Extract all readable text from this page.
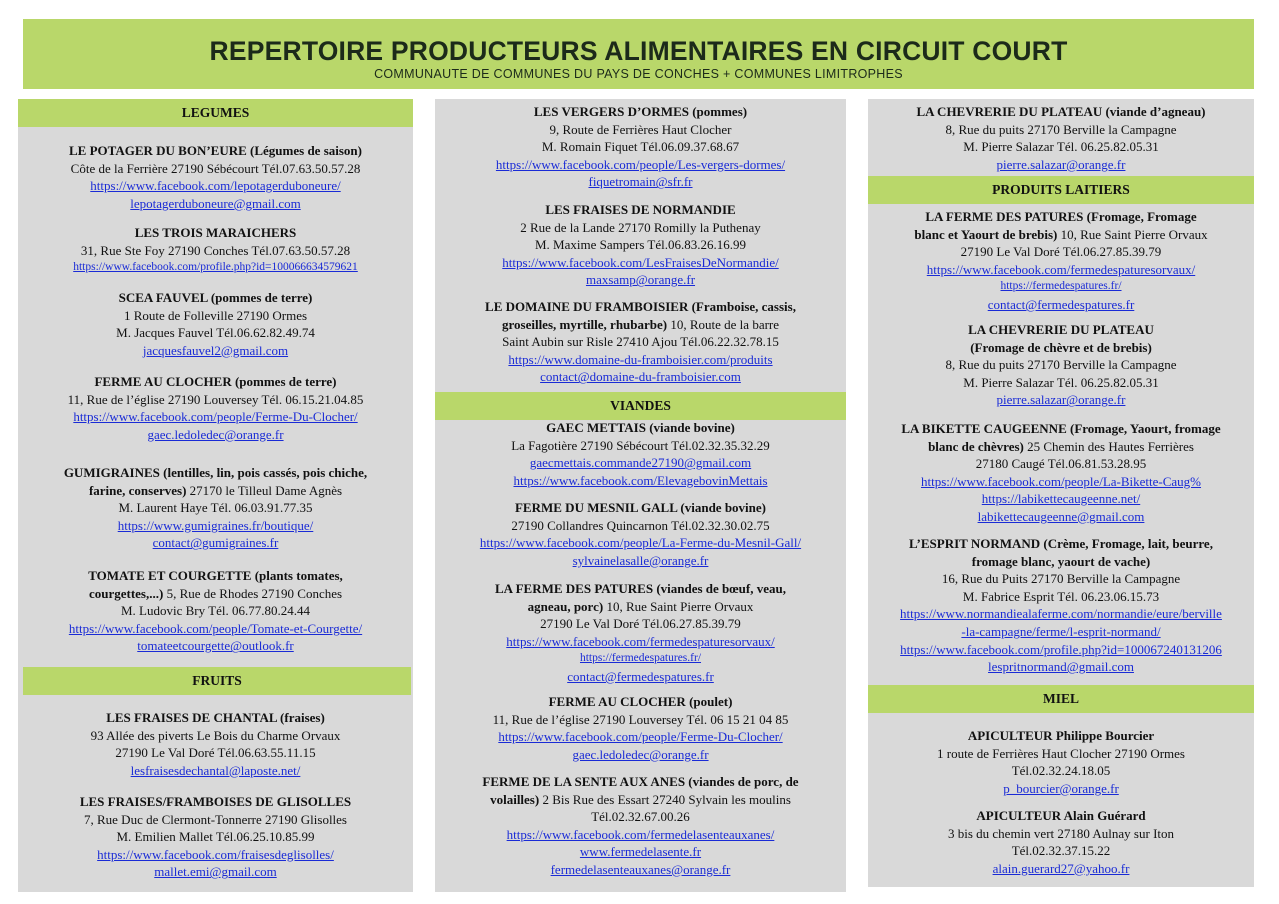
REPERTOIRE PRODUCTEURS ALIMENTAIRES EN CIRCUIT COURT
COMMUNAUTE DE COMMUNES DU PAYS DE CONCHES + COMMUNES LIMITROPHES
LEGUMES
LE POTAGER DU BON’EURE (Légumes de saison)
Côte de la Ferrière 27190 Sébécourt Tél.07.63.50.57.28
https://www.facebook.com/lepotagerduboneure/
lepotagerduboneure@gmail.com
LES TROIS MARAICHERS
31, Rue Ste Foy 27190 Conches Tél.07.63.50.57.28
https://www.facebook.com/profile.php?id=100066634579621
SCEA FAUVEL (pommes de terre)
1 Route de Folleville 27190 Ormes
M. Jacques Fauvel Tél.06.62.82.49.74
jacquesfauvel2@gmail.com
FERME AU CLOCHER (pommes de terre)
11, Rue de l’église 27190 Louversey Tél. 06.15.21.04.85
https://www.facebook.com/people/Ferme-Du-Clocher/
gaec.ledoledec@orange.fr
GUMIGRAINES (lentilles, lin, pois cassés, pois chiche,
farine, conserves) 27170 le Tilleul Dame Agnès
M. Laurent Haye Tél. 06.03.91.77.35
https://www.gumigraines.fr/boutique/
contact@gumigraines.fr
TOMATE ET COURGETTE (plants tomates,
courgettes,...) 5, Rue de Rhodes 27190 Conches
M. Ludovic Bry Tél. 06.77.80.24.44
https://www.facebook.com/people/Tomate-et-Courgette/
tomateetcourgette@outlook.fr
FRUITS
LES FRAISES DE CHANTAL (fraises)
93 Allée des piverts Le Bois du Charme Orvaux
27190 Le Val Doré Tél.06.63.55.11.15
lesfraisesdechantal@laposte.net/
LES FRAISES/FRAMBOISES DE GLISOLLES
7, Rue Duc de Clermont-Tonnerre 27190 Glisolles
M. Emilien Mallet Tél.06.25.10.85.99
https://www.facebook.com/fraisesdeglisolles/
mallet.emi@gmail.com
LES VERGERS D’ORMES (pommes)
9, Route de Ferrières Haut Clocher
M. Romain Fiquet Tél.06.09.37.68.67
https://www.facebook.com/people/Les-vergers-dormes/
fiquetromain@sfr.fr
LES FRAISES DE NORMANDIE
2 Rue de la Lande 27170 Romilly la Puthenay
M. Maxime Sampers Tél.06.83.26.16.99
https://www.facebook.com/LesFraisesDeNormandie/
maxsamp@orange.fr
LE DOMAINE DU FRAMBOISIER (Framboise, cassis,
groseilles, myrtille, rhubarbe) 10, Route de la barre
Saint Aubin sur Risle 27410 Ajou Tél.06.22.32.78.15
https://www.domaine-du-framboisier.com/produits
contact@domaine-du-framboisier.com
VIANDES
GAEC METTAIS (viande bovine)
La Fagotière 27190 Sébécourt Tél.02.32.35.32.29
gaecmettais.commande27190@gmail.com
https://www.facebook.com/ElevagebovinMettais
FERME DU MESNIL GALL (viande bovine)
27190 Collandres Quincarnon Tél.02.32.30.02.75
https://www.facebook.com/people/La-Ferme-du-Mesnil-Gall/
sylvainelasalle@orange.fr
LA FERME DES PATURES (viandes de bœuf, veau,
agneau, porc) 10, Rue Saint Pierre Orvaux
27190 Le Val Doré Tél.06.27.85.39.79
https://www.facebook.com/fermedespaturesorvaux/
https://fermedespatures.fr/
contact@fermedespatures.fr
FERME AU CLOCHER (poulet)
11, Rue de l’église 27190 Louversey Tél. 06 15 21 04 85
https://www.facebook.com/people/Ferme-Du-Clocher/
gaec.ledoledec@orange.fr
FERME DE LA SENTE AUX ANES (viandes de porc, de
volailles) 2 Bis Rue des Essart 27240 Sylvain les moulins
Tél.02.32.67.00.26
https://www.facebook.com/fermedelasenteauxanes/
www.fermedelasente.fr
fermedelasenteauxanes@orange.fr
LA CHEVRERIE DU PLATEAU (viande d’agneau)
8, Rue du puits 27170 Berville la Campagne
M. Pierre Salazar Tél. 06.25.82.05.31
pierre.salazar@orange.fr
PRODUITS LAITIERS
LA FERME DES PATURES (Fromage, Fromage
blanc et Yaourt de brebis) 10, Rue Saint Pierre Orvaux
27190 Le Val Doré Tél.06.27.85.39.79
https://www.facebook.com/fermedespaturesorvaux/
https://fermedespatures.fr/
contact@fermedespatures.fr
LA CHEVRERIE DU PLATEAU
(Fromage de chèvre et de brebis)
8, Rue du puits 27170 Berville la Campagne
M. Pierre Salazar Tél. 06.25.82.05.31
pierre.salazar@orange.fr
LA BIKETTE CAUGEENNE (Fromage, Yaourt, fromage
blanc de chèvres) 25 Chemin des Hautes Ferrières
27180 Caugé Tél.06.81.53.28.95
https://www.facebook.com/people/La-Bikette-Caug%
https://labikettecaugeenne.net/
labikettecaugeenne@gmail.com
L’ESPRIT NORMAND (Crème, Fromage, lait, beurre,
fromage blanc, yaourt de vache)
16, Rue du Puits 27170 Berville la Campagne
M. Fabrice Esprit Tél. 06.23.06.15.73
https://www.normandiealaferme.com/normandie/eure/berville
-la-campagne/ferme/l-esprit-normand/
https://www.facebook.com/profile.php?id=100067240131206
lespritnormand@gmail.com
MIEL
APICULTEUR Philippe Bourcier
1 route de Ferrières Haut Clocher 27190 Ormes
Tél.02.32.24.18.05
p_bourcier@orange.fr
APICULTEUR Alain Guérard
3 bis du chemin vert 27180 Aulnay sur Iton
Tél.02.32.37.15.22
alain.guerard27@yahoo.fr
